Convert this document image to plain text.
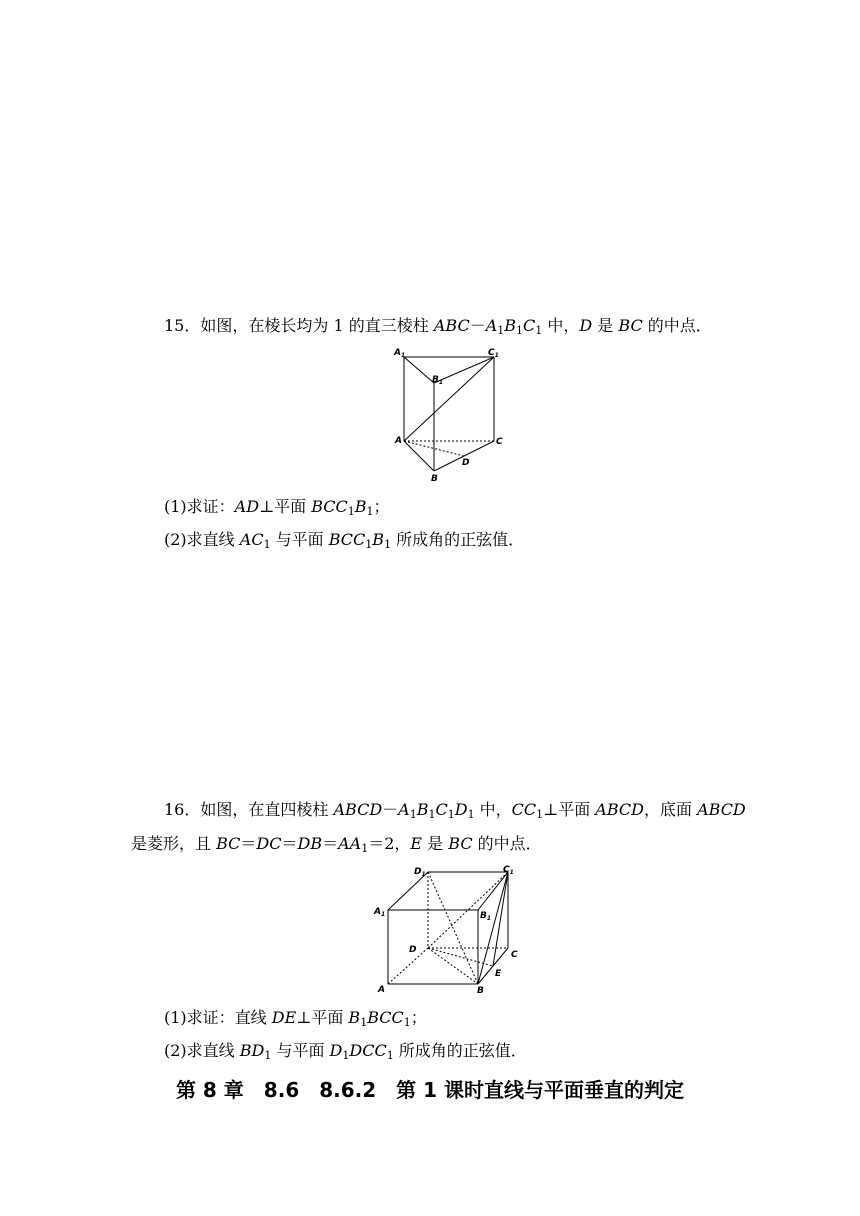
15．如图，在棱长均为 1 的直三棱柱 $ABC-A_1B_1C_1$ 中，D 是 BC 的中点．
$A_1$	$C_1$
$B_1$
A	C
D
B
(1)求证：AD⊥平面 $BCC_1B_1$；
(2)求直线 $AC_1$ 与平面 $BCC_1B_1$ 所成角的正弦值．
16．如图，在直四棱柱 $ABCD-A_1B_1C_1D_1$ 中，$CC_1\perp$平面 ABCD，底面 ABCD
是菱形，且 $BC=DC=DB=AA_1=2$，E 是 BC 的中点．
$D_1$	$C_1$
$A_1$	$B_1$
D	C
E
A	B
(1)求证：直线 DE⊥平面 $B_1BCC_1$；
(2)求直线 $BD_1$ 与平面 $D_1DCC_1$ 所成角的正弦值．
第 8 章　8.6　8.6.2　第 1 课时直线与平面垂直的判定
